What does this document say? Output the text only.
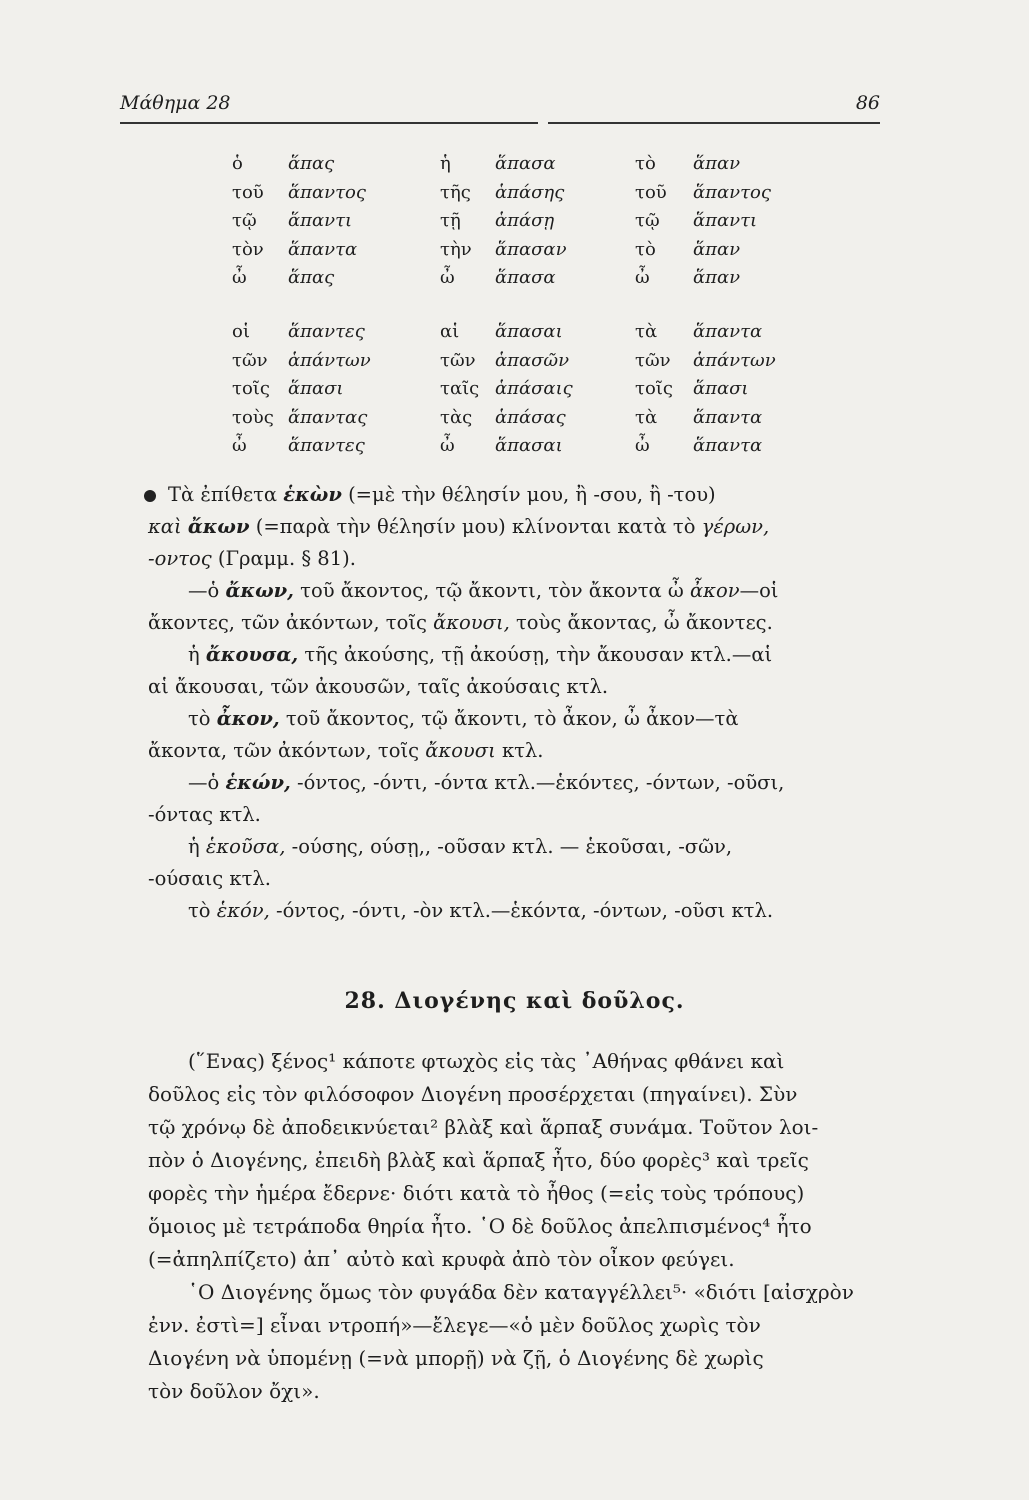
Μάθημα 28	86
ὁ	ἅπας	ἡ ἅπασα	τὸ ἅπαν
τοῦ ἅπαντος	τῆς ἁπάσης	τοῦ ἅπαντος
τῷ ἅπαντι	τῇ ἁπάσῃ	τῷ ἅπαντι
τὸν ἅπαντα	τὴν ἅπασαν	τὸ ἅπαν
ὦ ἅπας	ὦ ἅπασα	ὦ ἅπαν
οἱ ἅπαντες	αἱ ἅπασαι	τὰ ἅπαντα
τῶν ἁπάντων	τῶν ἁπασῶν	τῶν ἁπάντων
τοῖς ἅπασι	ταῖς ἁπάσαις	τοῖς ἅπασι
τοὺς ἅπαντας	τὰς ἁπάσας	τὰ ἅπαντα
ὦ ἅπαντες	ὦ ἅπασαι	ὦ ἅπαντα
Τὰ ἐπίθετα ἑκὼν (=μὲ τὴν θέλησίν μου, ἢ -σου, ἢ -του)
καὶ ἄκων (=παρὰ τὴν θέλησίν μου) κλίνονται κατὰ τὸ γέρων,
-οντος (Γραμμ. § 81).
—ὁ ἄκων, τοῦ ἄκοντος, τῷ ἄκοντι, τὸν ἄκοντα ὦ ἆκον—οἱ
ἄκοντες, τῶν ἀκόντων, τοῖς ἄκουσι, τοὺς ἄκοντας, ὦ ἄκοντες.
ἡ ἄκουσα, τῆς ἀκούσης, τῇ ἀκούσῃ, τὴν ἄκουσαν κτλ.—αἱ
αἱ ἄκουσαι, τῶν ἀκουσῶν, ταῖς ἀκούσαις κτλ.
τὸ ἆκον, τοῦ ἄκοντος, τῷ ἄκοντι, τὸ ἆκον, ὦ ἆκον—τὰ
ἄκοντα, τῶν ἀκόντων, τοῖς ἄκουσι κτλ.
—ὁ ἑκών, -όντος, -όντι, -όντα κτλ.—ἑκόντες, -όντων, -οῦσι,
-όντας κτλ.
ἡ ἑκοῦσα, -ούσης, ούσῃ,, -οῦσαν κτλ. — ἑκοῦσαι, -σῶν,
-ούσαις κτλ.
τὸ ἑκόν, -όντος, -όντι, -ὸν κτλ.—ἑκόντα, -όντων, -οῦσι κτλ.
28. Διογένης καὶ δοῦλος.
(῞Ενας) ξένος¹ κάποτε φτωχὸς εἰς τὰς ᾿Αθήνας φθάνει καὶ
δοῦλος εἰς τὸν φιλόσοφον Διογένη προσέρχεται (πηγαίνει). Σὺν
τῷ χρόνῳ δὲ ἀποδεικνύεται² βλὰξ καὶ ἅρπαξ συνάμα. Τοῦτον λοι-
πὸν ὁ Διογένης, ἐπειδὴ βλὰξ καὶ ἅρπαξ ἦτο, δύο φορὲς³ καὶ τρεῖς
φορὲς τὴν ἡμέρα ἔδερνε· διότι κατὰ τὸ ἦθος (=εἰς τοὺς τρόπους)
ὅμοιος μὲ τετράποδα θηρία ἦτο. ῾Ο δὲ δοῦλος ἀπελπισμένος⁴ ἦτο
(=ἀπηλπίζετο) ἀπ᾿ αὐτὸ καὶ κρυφὰ ἀπὸ τὸν οἶκον φεύγει.
῾Ο Διογένης ὅμως τὸν φυγάδα δὲν καταγγέλλει⁵· «διότι [αἰσχρὸν
ἐνν. ἐστὶ=] εἶναι ντροπή»—ἔλεγε—«ὁ μὲν δοῦλος χωρὶς τὸν
Διογένη νὰ ὑπομένῃ (=νὰ μπορῇ) νὰ ζῇ, ὁ Διογένης δὲ χωρὶς
τὸν δοῦλον ὄχι».
